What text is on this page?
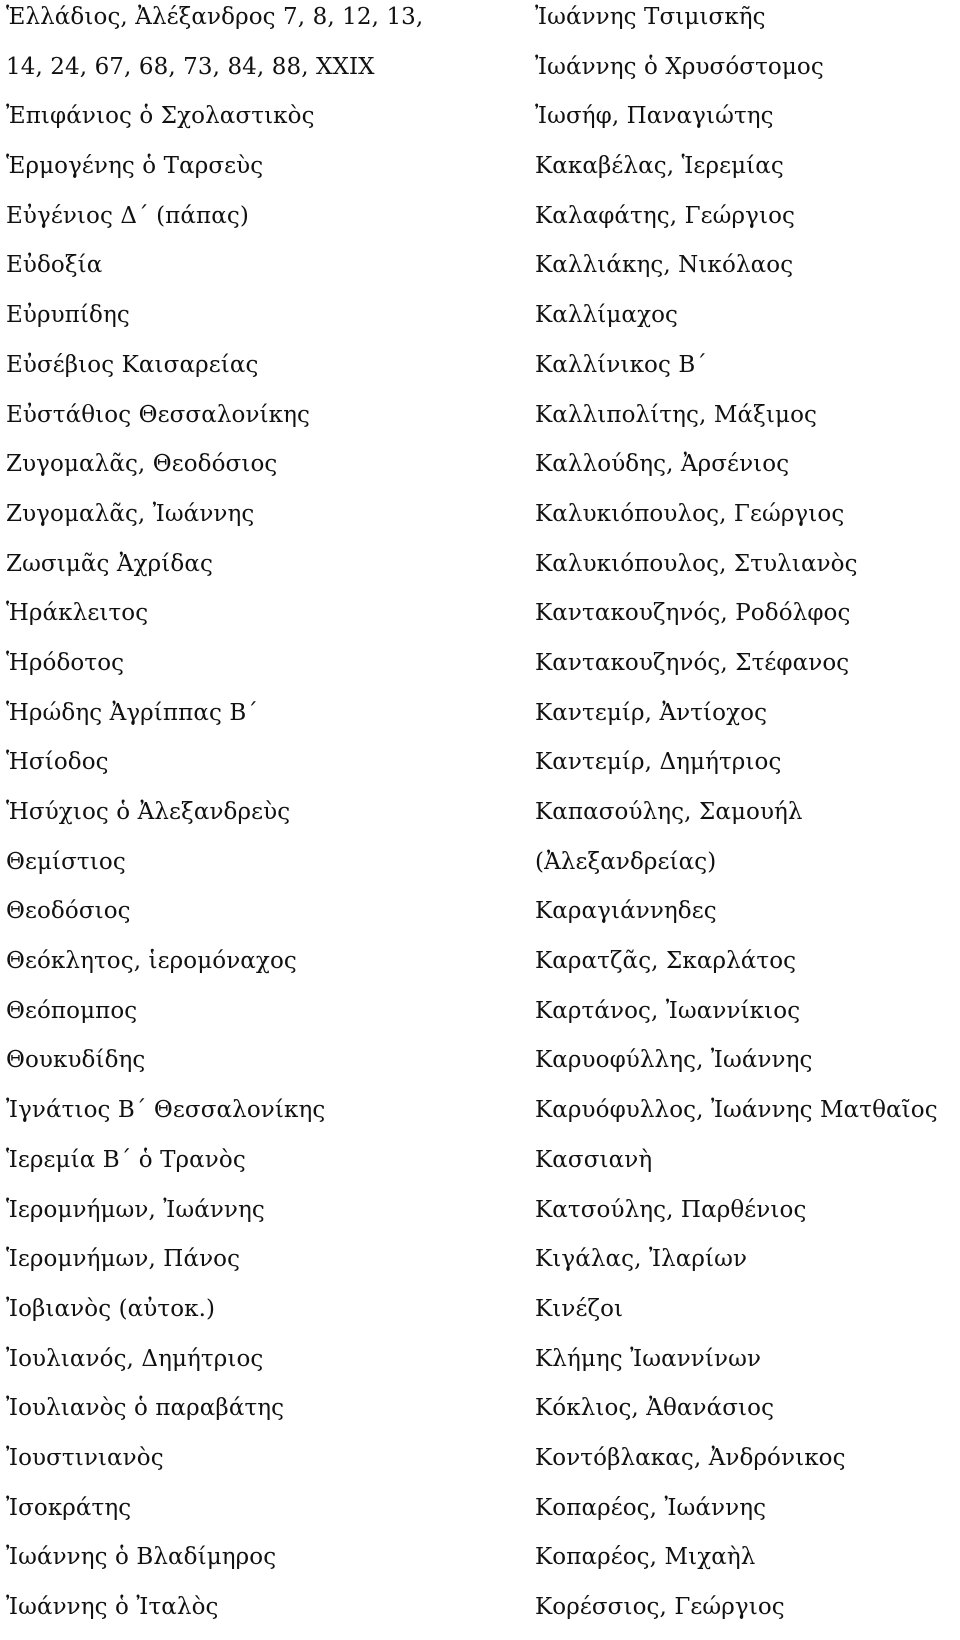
Ἑλλάδιος, Ἀλέξανδρος 7, 8, 12, 13,
14, 24, 67, 68, 73, 84, 88, XXIX
Ἐπιφάνιος ὁ Σχολαστικὸς
Ἑρμογένης ὁ Ταρσεὺς
Εὐγένιος Δ΄ (πάπας)
Εὐδοξία
Εὐρυπίδης
Εὐσέβιος Καισαρείας
Εὐστάθιος Θεσσαλονίκης
Ζυγομαλᾶς, Θεοδόσιος
Ζυγομαλᾶς, Ἰωάννης
Ζωσιμᾶς Ἀχρίδας
Ἡράκλειτος
Ἡρόδοτος
Ἡρώδης Ἀγρίππας Β΄
Ἡσίοδος
Ἡσύχιος ὁ Ἀλεξανδρεὺς
Θεμίστιος
Θεοδόσιος
Θεόκλητος, ἱερομόναχος
Θεόπομπος
Θουκυδίδης
Ἰγνάτιος Β΄ Θεσσαλονίκης
Ἱερεμία Β΄ ὁ Τρανὸς
Ἱερομνήμων, Ἰωάννης
Ἱερομνήμων, Πάνος
Ἰοβιανὸς (αὐτοκ.)
Ἰουλιανός, Δημήτριος
Ἰουλιανὸς ὁ παραβάτης
Ἰουστινιανὸς
Ἰσοκράτης
Ἰωάννης ὁ Βλαδίμηρος
Ἰωάννης ὁ Ἰταλὸς
Ἰωάννης Τσιμισκῆς
Ἰωάννης ὁ Χρυσόστομος
Ἰωσήφ, Παναγιώτης
Κακαβέλας, Ἱερεμίας
Καλαφάτης, Γεώργιος
Καλλιάκης, Νικόλαος
Καλλίμαχος
Καλλίνικος Β΄
Καλλιπολίτης, Μάξιμος
Καλλούδης, Ἀρσένιος
Καλυκιόπουλος, Γεώργιος
Καλυκιόπουλος, Στυλιανὸς
Καντακουζηνός, Ροδόλφος
Καντακουζηνός, Στέφανος
Καντεμίρ, Ἀντίοχος
Καντεμίρ, Δημήτριος
Καπασούλης, Σαμουήλ
(Ἀλεξανδρείας)
Καραγιάννηδες
Καρατζᾶς, Σκαρλάτος
Καρτάνος, Ἰωαννίκιος
Καρυοφύλλης, Ἰωάννης
Καρυόφυλλος, Ἰωάννης Ματθαῖος
Κασσιανὴ
Κατσούλης, Παρθένιος
Κιγάλας, Ἰλαρίων
Κινέζοι
Κλήμης Ἰωαννίνων
Κόκλιος, Ἀθανάσιος
Κοντόβλακας, Ἀνδρόνικος
Κοπαρέος, Ἰωάννης
Κοπαρέος, Μιχαὴλ
Κορέσσιος, Γεώργιος
